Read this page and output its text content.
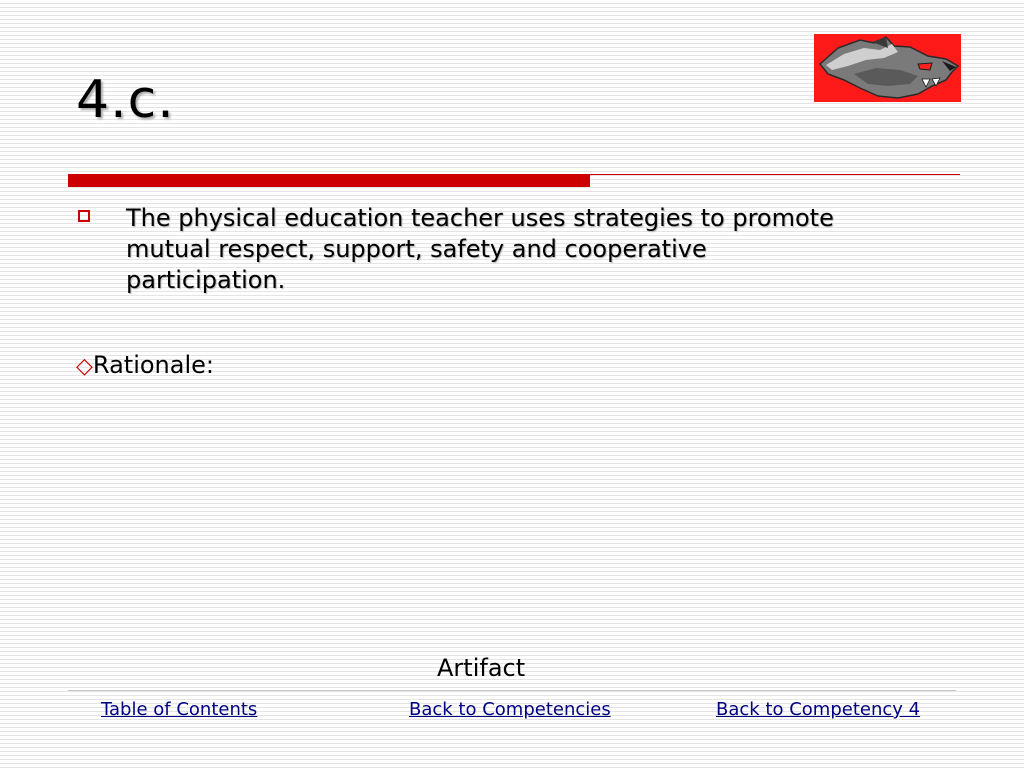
4.c.

The physical education teacher uses strategies to promote mutual respect, support, safety and cooperative participation.

◇Rationale:
Artifact
Table of Contents	Back to Competencies	Back to Competency 4
